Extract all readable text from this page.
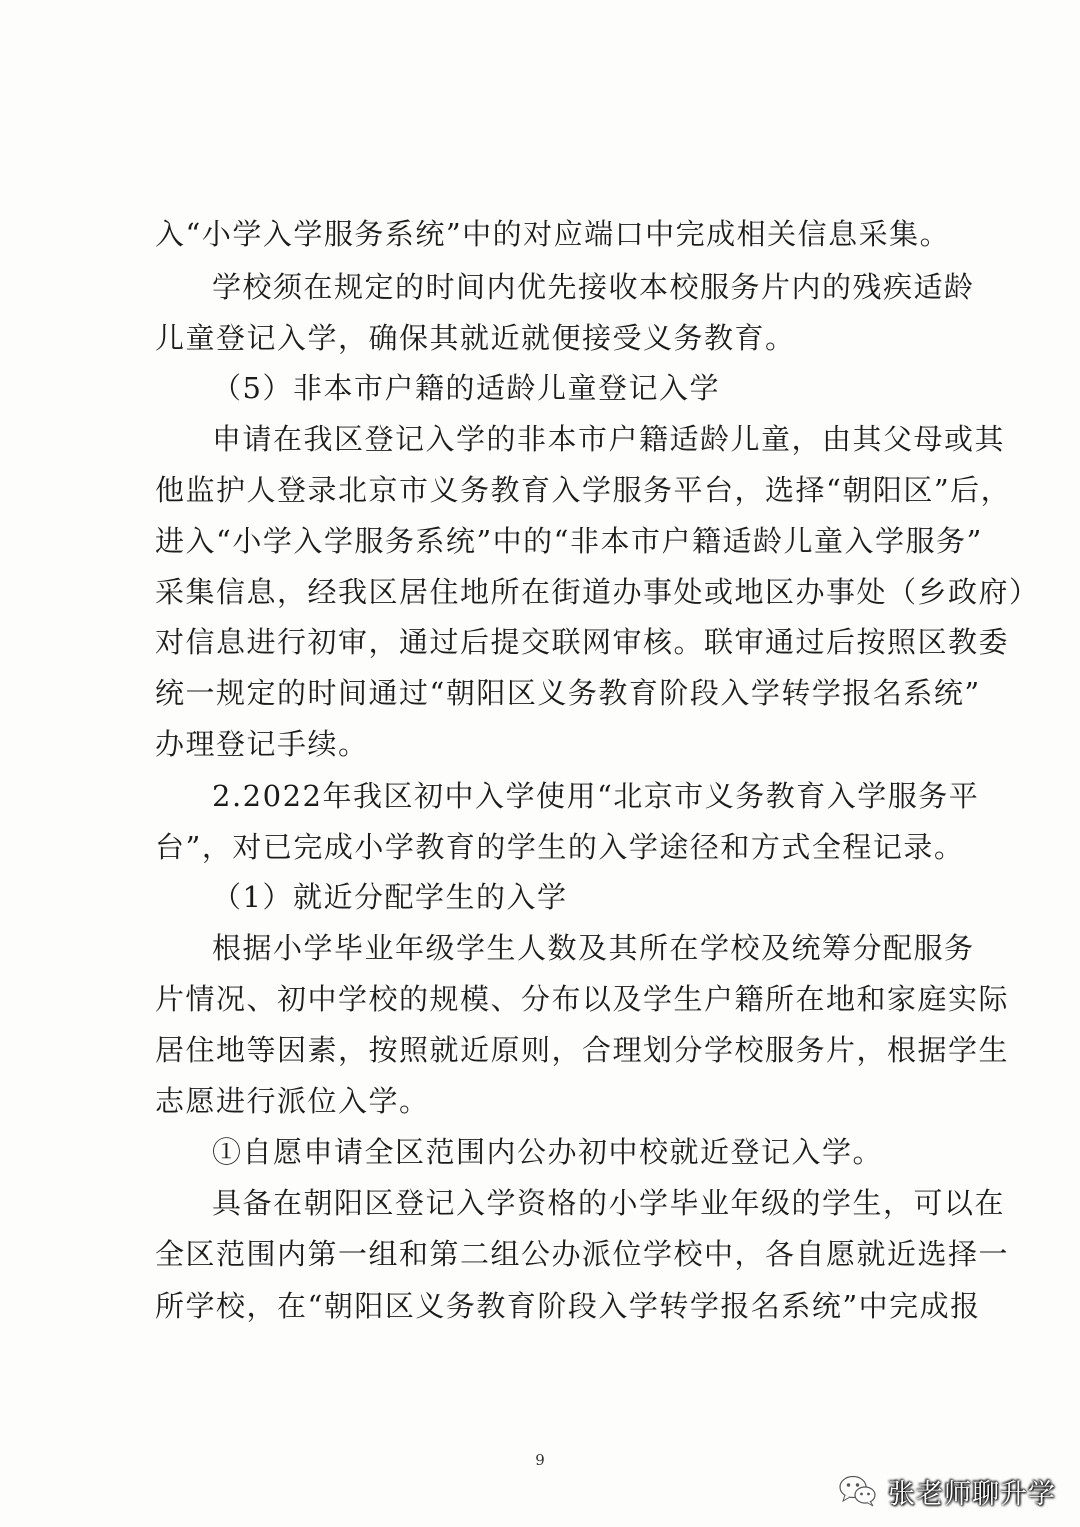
入“小学入学服务系统”中的对应端口中完成相关信息采集。
学校须在规定的时间内优先接收本校服务片内的残疾适龄
儿童登记入学，确保其就近就便接受义务教育。
（5）非本市户籍的适龄儿童登记入学
申请在我区登记入学的非本市户籍适龄儿童，由其父母或其
他监护人登录北京市义务教育入学服务平台，选择“朝阳区”后，
进入“小学入学服务系统”中的“非本市户籍适龄儿童入学服务”
采集信息，经我区居住地所在街道办事处或地区办事处（乡政府）
对信息进行初审，通过后提交联网审核。联审通过后按照区教委
统一规定的时间通过“朝阳区义务教育阶段入学转学报名系统”
办理登记手续。
2.2022年我区初中入学使用“北京市义务教育入学服务平
台”，对已完成小学教育的学生的入学途径和方式全程记录。
（1）就近分配学生的入学
根据小学毕业年级学生人数及其所在学校及统筹分配服务
片情况、初中学校的规模、分布以及学生户籍所在地和家庭实际
居住地等因素，按照就近原则，合理划分学校服务片，根据学生
志愿进行派位入学。
①自愿申请全区范围内公办初中校就近登记入学。
具备在朝阳区登记入学资格的小学毕业年级的学生，可以在
全区范围内第一组和第二组公办派位学校中，各自愿就近选择一
所学校，在“朝阳区义务教育阶段入学转学报名系统”中完成报
9
张老师聊升学
